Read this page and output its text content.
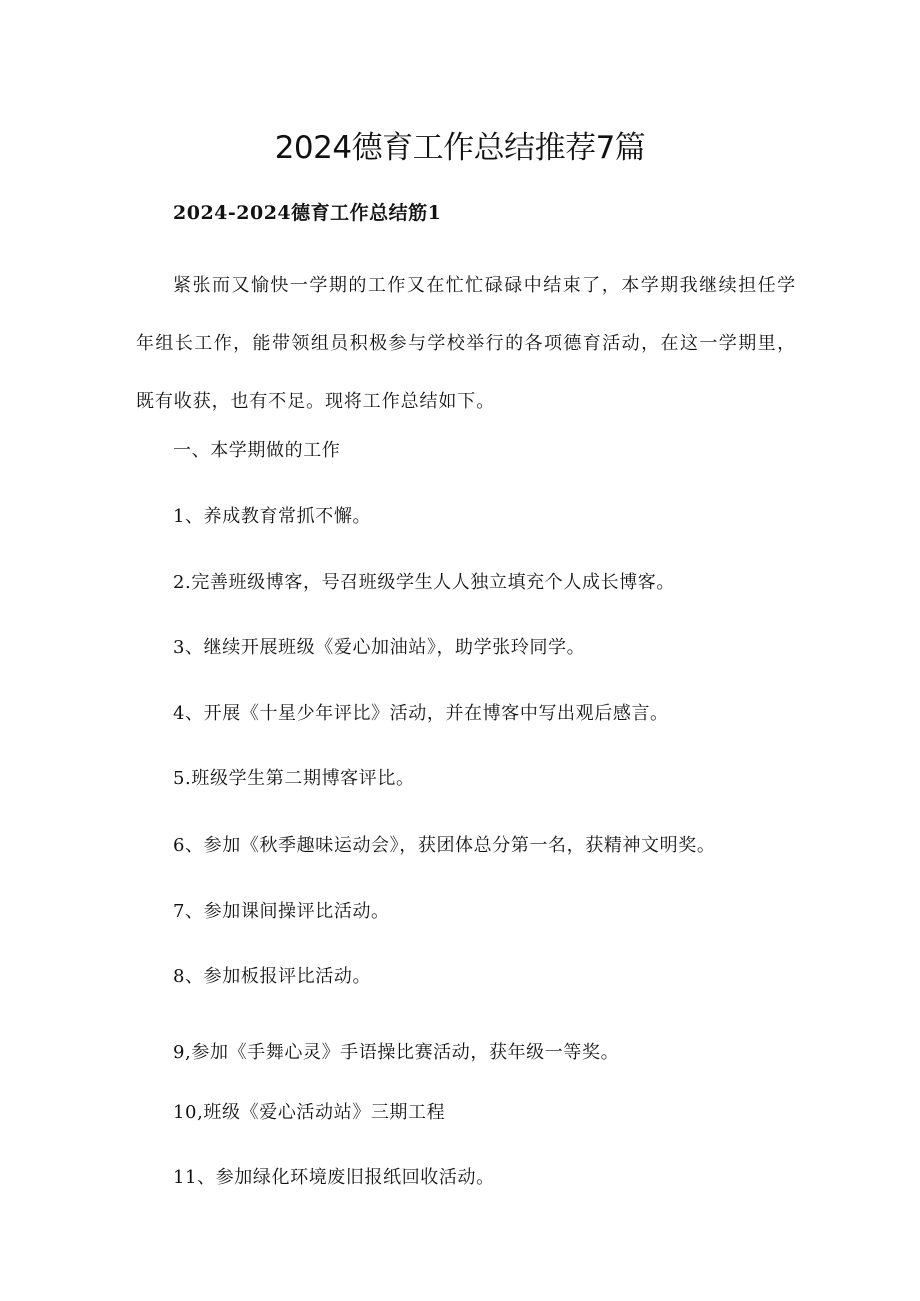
2024德育工作总结推荐7篇
2024-2024德育工作总结筋1

紧张而又愉快一学期的工作又在忙忙碌碌中结束了，本学期我继续担任学年组长工作，能带领组员积极参与学校举行的各项德育活动，在这一学期里，既有收获，也有不足。现将工作总结如下。

一、本学期做的工作
1、养成教育常抓不懈。
2.完善班级博客，号召班级学生人人独立填充个人成长博客。
3、继续开展班级《爱心加油站》，助学张玲同学。
4、开展《十星少年评比》活动，并在博客中写出观后感言。
5.班级学生第二期博客评比。
6、参加《秋季趣味运动会》，获团体总分第一名，获精神文明奖。
7、参加课间操评比活动。
8、参加板报评比活动。
9,参加《手舞心灵》手语操比赛活动，获年级一等奖。
10,班级《爱心活动站》三期工程
11、参加绿化环境废旧报纸回收活动。
